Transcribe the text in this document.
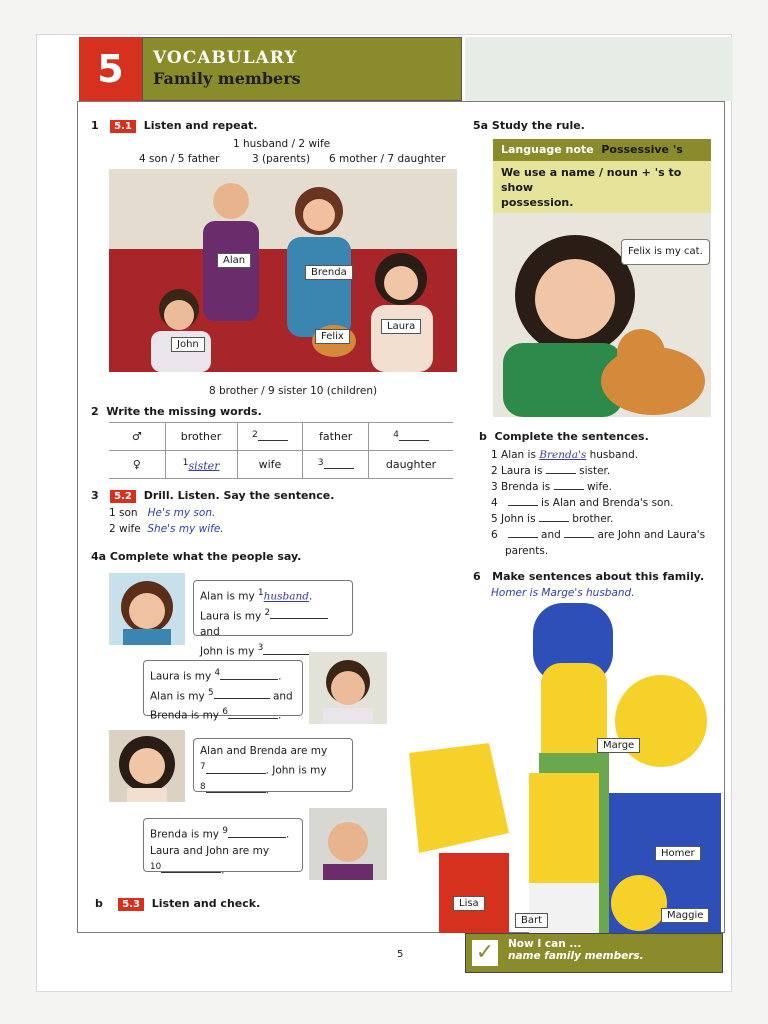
5	VOCABULARY
Family members
1 5.1 Listen and repeat.
1 husband / 2 wife
4 son / 5 father	3 (parents) 6 mother / 7 daughter
Alan
Brenda
John
Felix
Laura
8 brother / 9 sister 10 (children)
2 Write the missing words.
♂	brother	$^2$	father	$^4$
♀	$^1$sister	wife	$^3$	daughter
3 5.2 Drill. Listen. Say the sentence.
1 son He's my son.
2 wife She's my wife.
4a Complete what the people say.
Alan is my $^1$husband.
Laura is my $^2$ and
John is my $^3$
Laura is my $^4$	.
Alan is my $^5$	and
Brenda is my $^6$	.
Alan and Brenda are my
$^7$	. John is my
$^8$	.
Brenda is my $^9$	.
Laura and John are my
$^{10}$	.
b 5.3 Listen and check.
5a Study the rule.
Language note Possessive 's
We use a name / noun + 's to show
possession.
Felix is my cat.
b Complete the sentences.
1 Alan is Brenda's husband.
2 Laura is	sister.
3 Brenda is	wife.
4	is Alan and Brenda's son.
5 John is	brother.
6	and	are John and Laura's
parents.
6 Make sentences about this family.
Homer is Marge's husband.
Marge
Homer
Lisa
Bart	Maggie
5	✓	Now I can ...
name family members.
